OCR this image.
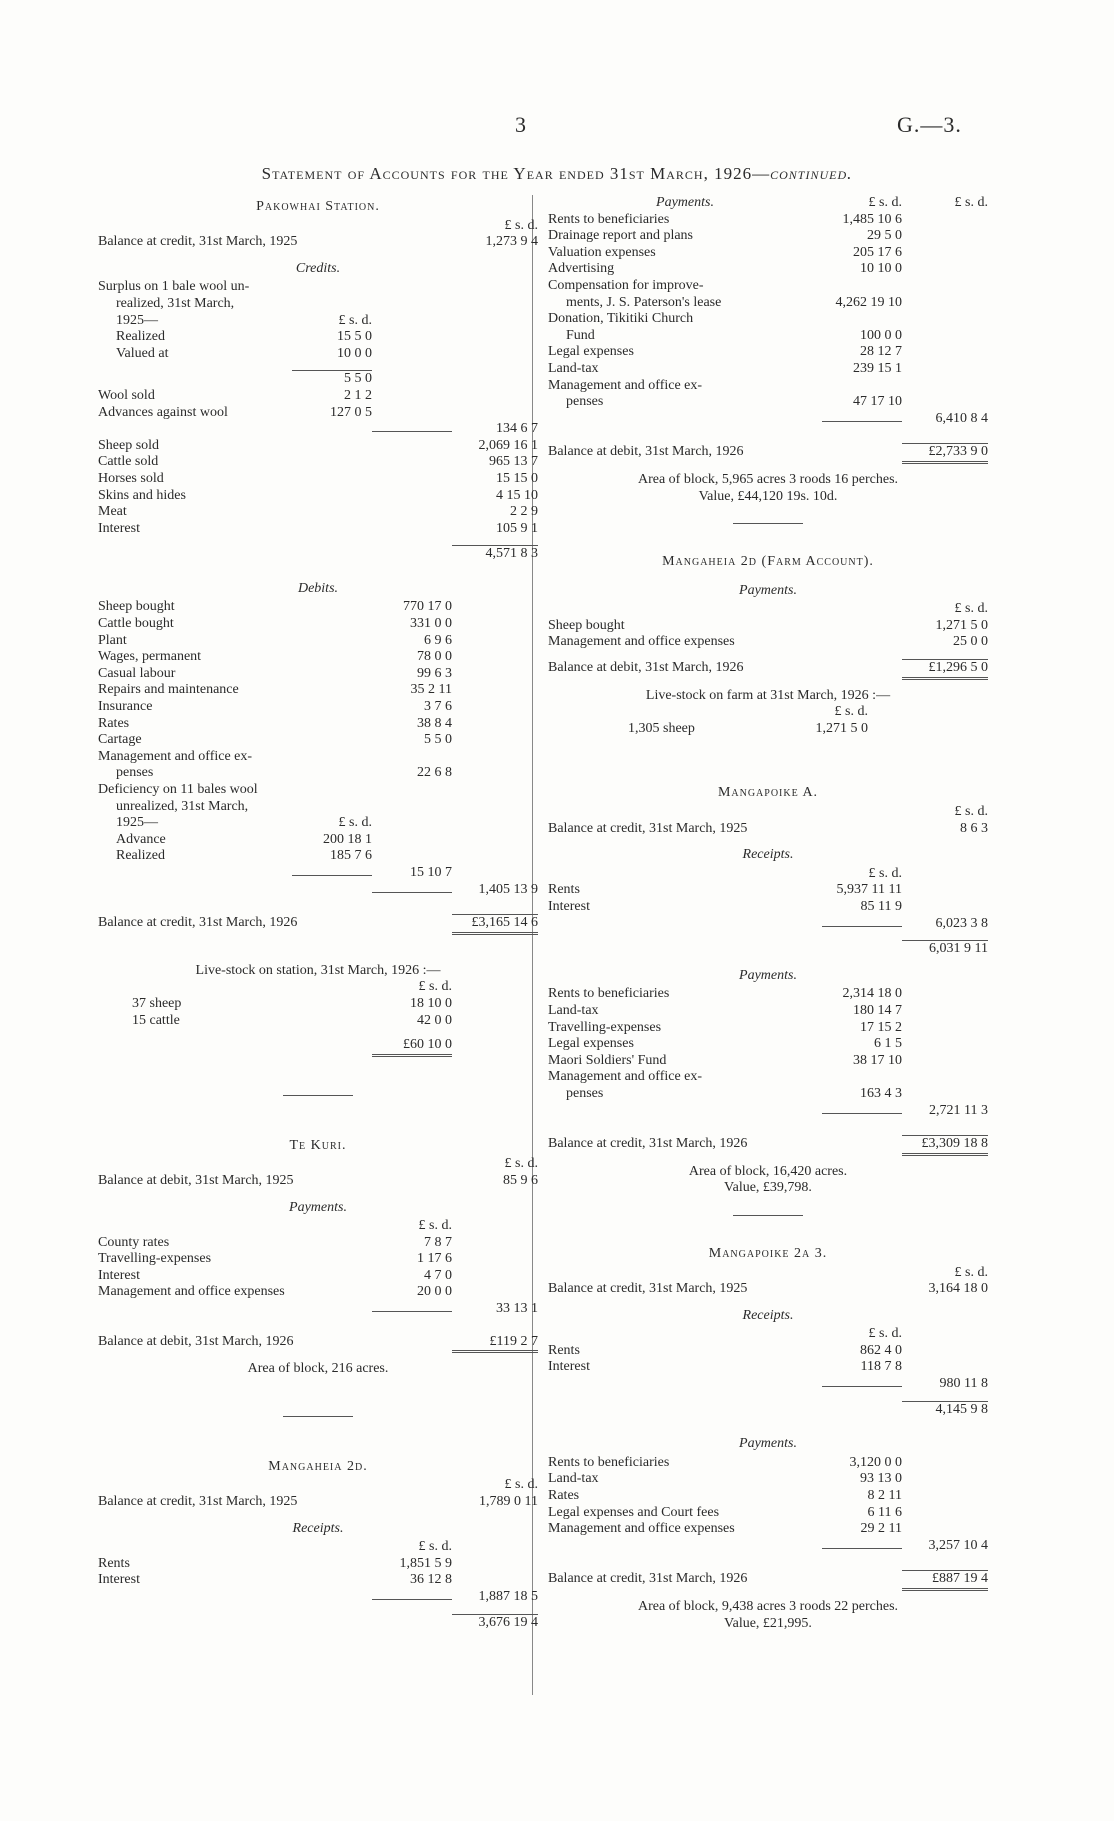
3	G.—3.
Statement of Accounts for the Year ended 31st March, 1926—continued.
Pakowhai Station.
£ s. d.
Balance at credit, 31st March, 1925	1,273 9 4
Credits.
Surplus on 1 bale wool un-
realized, 31st March,
1925—	£ s. d.
Realized	15 5 0
Valued at	10 0 0
5 5 0
Wool sold	2 1 2
Advances against wool	127 0 5
134 6 7
Sheep sold	2,069 16 1
Cattle sold	965 13 7
Horses sold	15 15 0
Skins and hides	4 15 10
Meat	2 2 9
Interest	105 9 1
4,571 8 3
Debits.
Sheep bought	770 17 0
Cattle bought	331 0 0
Plant	6 9 6
Wages, permanent	78 0 0
Casual labour	99 6 3
Repairs and maintenance	35 2 11
Insurance	3 7 6
Rates	38 8 4
Cartage	5 5 0
Management and office ex-
penses	22 6 8
Deficiency on 11 bales wool
unrealized, 31st March,
1925—	£ s. d.
Advance	200 18 1
Realized	185 7 6
15 10 7
1,405 13 9
Balance at credit, 31st March, 1926	£3,165 14 6
Live-stock on station, 31st March, 1926 :—
£ s. d.
37 sheep	18 10 0
15 cattle	42 0 0
£60 10 0
Te Kuri.
£ s. d.
Balance at debit, 31st March, 1925	85 9 6
Payments.
£ s. d.
County rates	7 8 7
Travelling-expenses	1 17 6
Interest	4 7 0
Management and office expenses	20 0 0
33 13 1
Balance at debit, 31st March, 1926	£119 2 7
Area of block, 216 acres.
Mangaheia 2d.
£ s. d.
Balance at credit, 31st March, 1925	1,789 0 11
Receipts.
£ s. d.
Rents	1,851 5 9
Interest	36 12 8
1,887 18 5
3,676 19 4
Payments.	£ s. d.	£ s. d.
Rents to beneficiaries	1,485 10 6
Drainage report and plans	29 5 0
Valuation expenses	205 17 6
Advertising	10 10 0
Compensation for improve-
ments, J. S. Paterson's lease	4,262 19 10
Donation, Tikitiki Church
Fund	100 0 0
Legal expenses	28 12 7
Land-tax	239 15 1
Management and office ex-
penses	47 17 10
6,410 8 4
Balance at debit, 31st March, 1926	£2,733 9 0
Area of block, 5,965 acres 3 roods 16 perches.
Value, £44,120 19s. 10d.
Mangaheia 2d (Farm Account).
Payments.
£ s. d.
Sheep bought	1,271 5 0
Management and office expenses	25 0 0
Balance at debit, 31st March, 1926	£1,296 5 0
Live-stock on farm at 31st March, 1926 :—
£ s. d.
1,305 sheep	1,271 5 0
Mangapoike A.
£ s. d.
Balance at credit, 31st March, 1925	8 6 3
Receipts.
£ s. d.
Rents	5,937 11 11
Interest	85 11 9
6,023 3 8
6,031 9 11
Payments.
Rents to beneficiaries	2,314 18 0
Land-tax	180 14 7
Travelling-expenses	17 15 2
Legal expenses	6 1 5
Maori Soldiers' Fund	38 17 10
Management and office ex-
penses	163 4 3
2,721 11 3
Balance at credit, 31st March, 1926	£3,309 18 8
Area of block, 16,420 acres.
Value, £39,798.
Mangapoike 2a 3.
£ s. d.
Balance at credit, 31st March, 1925	3,164 18 0
Receipts.
£ s. d.
Rents	862 4 0
Interest	118 7 8
980 11 8
4,145 9 8
Payments.
Rents to beneficiaries	3,120 0 0
Land-tax	93 13 0
Rates	8 2 11
Legal expenses and Court fees	6 11 6
Management and office expenses	29 2 11
3,257 10 4
Balance at credit, 31st March, 1926	£887 19 4
Area of block, 9,438 acres 3 roods 22 perches.
Value, £21,995.
